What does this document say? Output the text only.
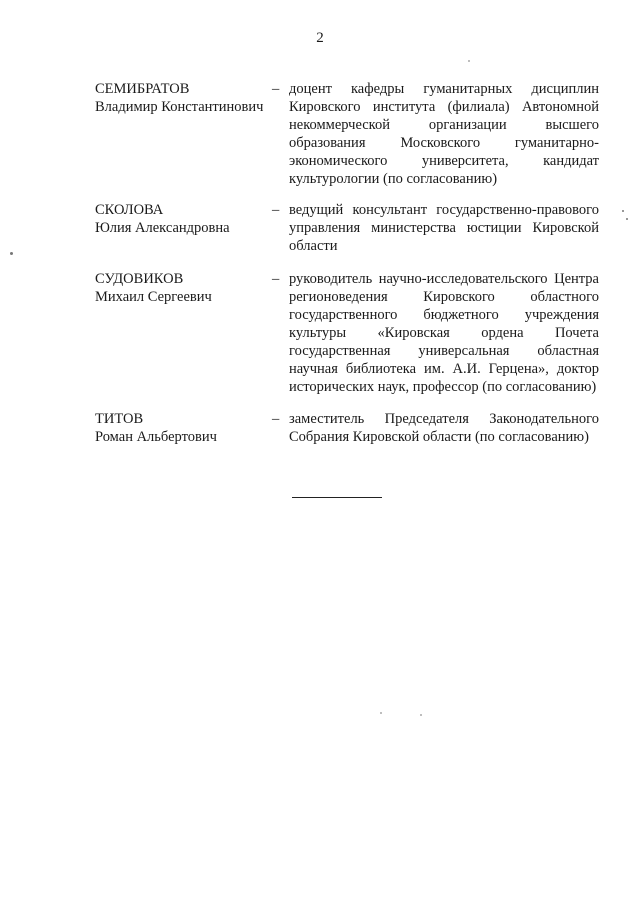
2
СЕМИБРАТОВ
Владимир Константинович
– доцент кафедры гуманитарных дисциплин
Кировского института (филиала) Автономной
некоммерческой организации высшего
образования Московского гуманитарно-
экономического университета, кандидат
культурологии (по согласованию)
СКОЛОВА
Юлия Александровна
– ведущий консультант государственно-правового
управления министерства юстиции Кировской
области
СУДОВИКОВ
Михаил Сергеевич
– руководитель научно-исследовательского Центра
регионоведения Кировского областного
государственного бюджетного учреждения
культуры «Кировская ордена Почета
государственная универсальная областная
научная библиотека им. А.И. Герцена», доктор
исторических наук, профессор (по согласованию)
ТИТОВ
Роман Альбертович
– заместитель Председателя Законодательного
Собрания Кировской области (по согласованию)
